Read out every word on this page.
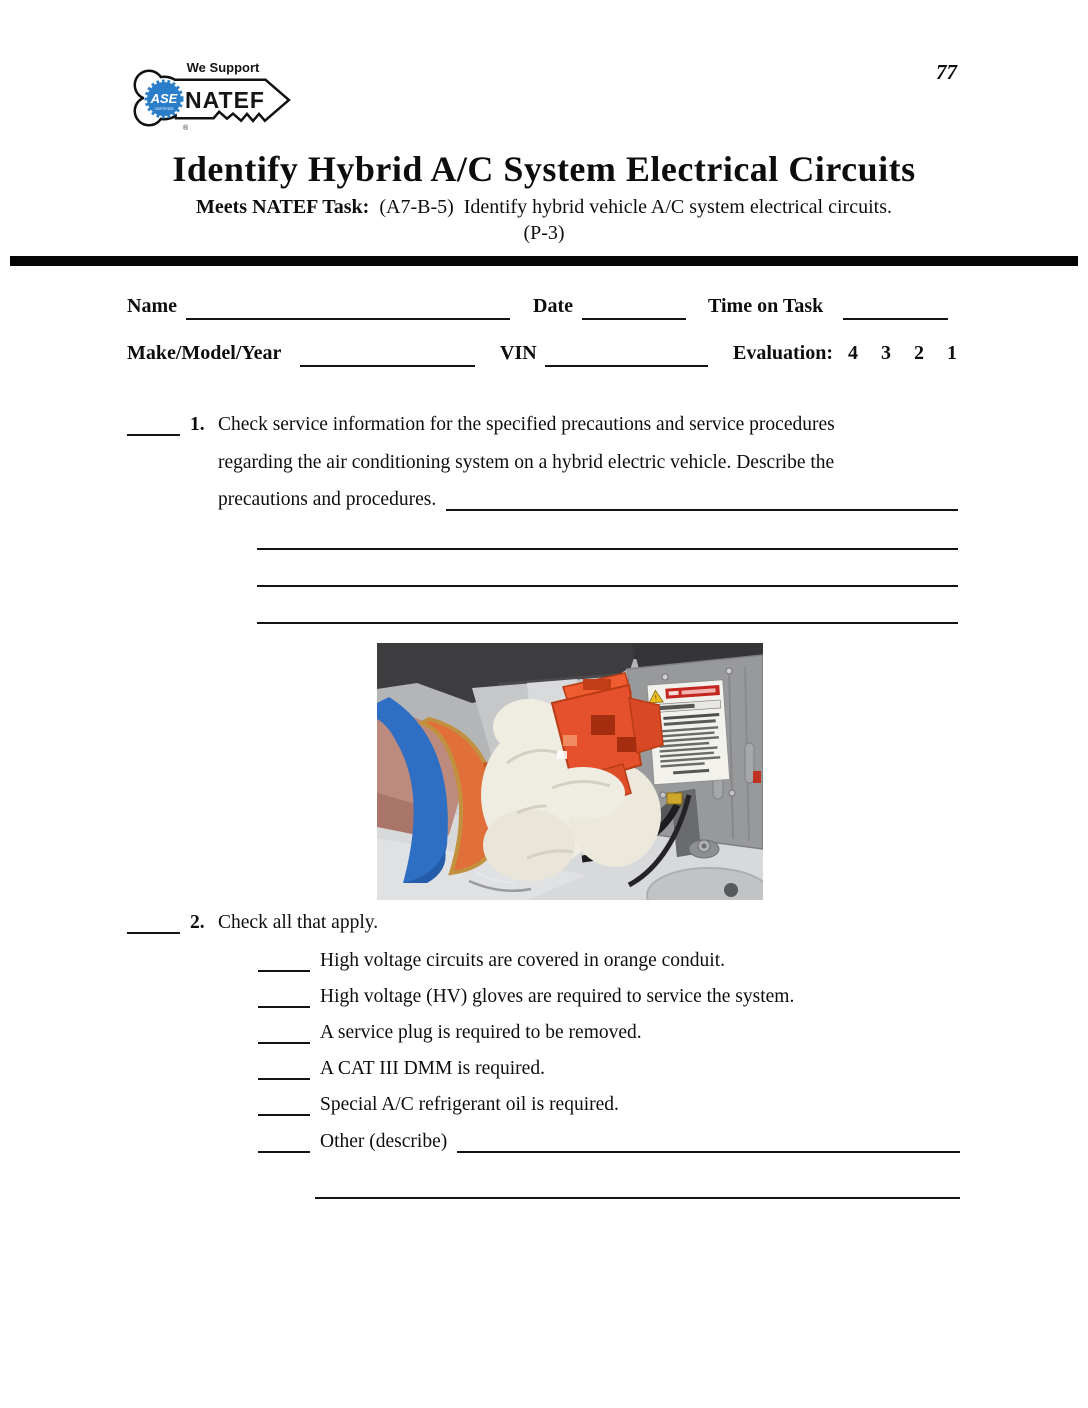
ASE
CERTIFIED
We Support
NATEF
®
77
Identify Hybrid A/C System Electrical Circuits
Meets NATEF Task:  (A7-B-5)  Identify hybrid vehicle A/C system electrical circuits.
(P-3)
Name	Date	Time on Task
Make/Model/Year	VIN	Evaluation: 4 3 2 1
1. Check service information for the specified precautions and service procedures
regarding the air conditioning system on a hybrid electric vehicle. Describe the
precautions and procedures.
!
2. Check all that apply.
High voltage circuits are covered in orange conduit.
High voltage (HV) gloves are required to service the system.
A service plug is required to be removed.
A CAT III DMM is required.
Special A/C refrigerant oil is required.
Other (describe)
